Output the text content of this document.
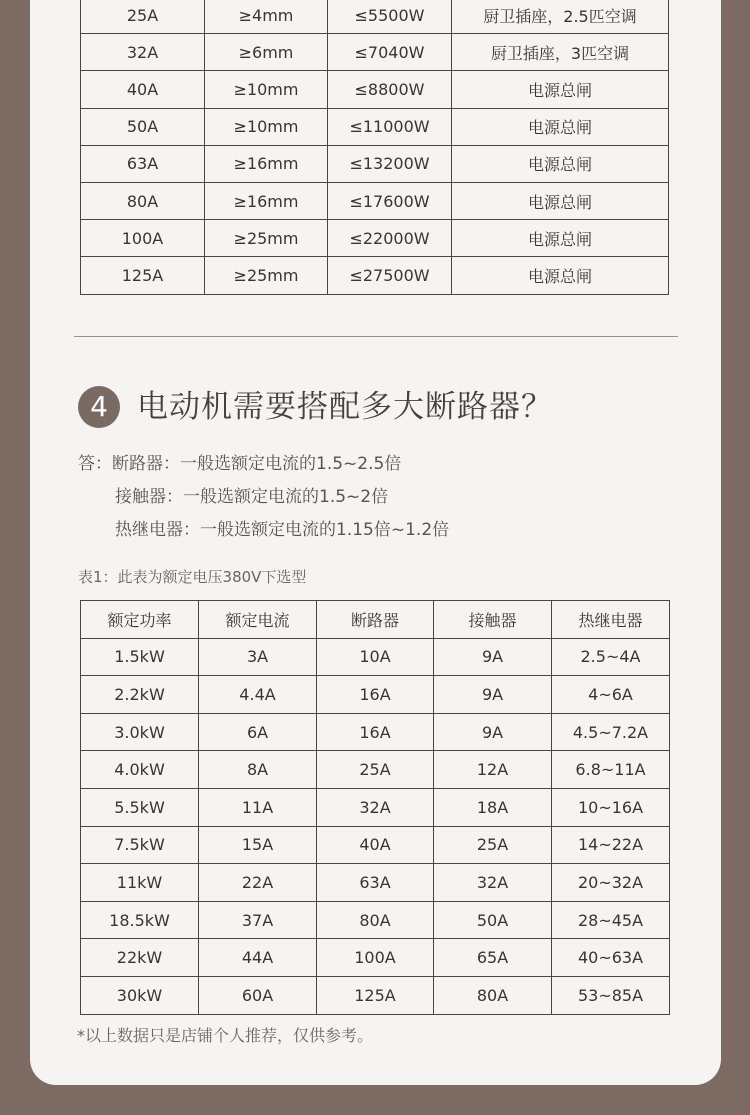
25A	≥4mm	≤5500W	厨卫插座，2.5匹空调
32A	≥6mm	≤7040W	厨卫插座，3匹空调
40A	≥10mm	≤8800W	电源总闸
50A	≥10mm	≤11000W	电源总闸
63A	≥16mm	≤13200W	电源总闸
80A	≥16mm	≤17600W	电源总闸
100A	≥25mm	≤22000W	电源总闸
125A	≥25mm	≤27500W	电源总闸
4 电动机需要搭配多大断路器？
答：断路器：一般选额定电流的1.5~2.5倍
接触器：一般选额定电流的1.5~2倍
热继电器：一般选额定电流的1.15倍~1.2倍
表1：此表为额定电压380V下选型
额定功率	额定电流	断路器	接触器	热继电器
1.5kW	3A	10A	9A	2.5~4A
2.2kW	4.4A	16A	9A	4~6A
3.0kW	6A	16A	9A	4.5~7.2A
4.0kW	8A	25A	12A	6.8~11A
5.5kW	11A	32A	18A	10~16A
7.5kW	15A	40A	25A	14~22A
11kW	22A	63A	32A	20~32A
18.5kW	37A	80A	50A	28~45A
22kW	44A	100A	65A	40~63A
30kW	60A	125A	80A	53~85A
*以上数据只是店铺个人推荐，仅供参考。
